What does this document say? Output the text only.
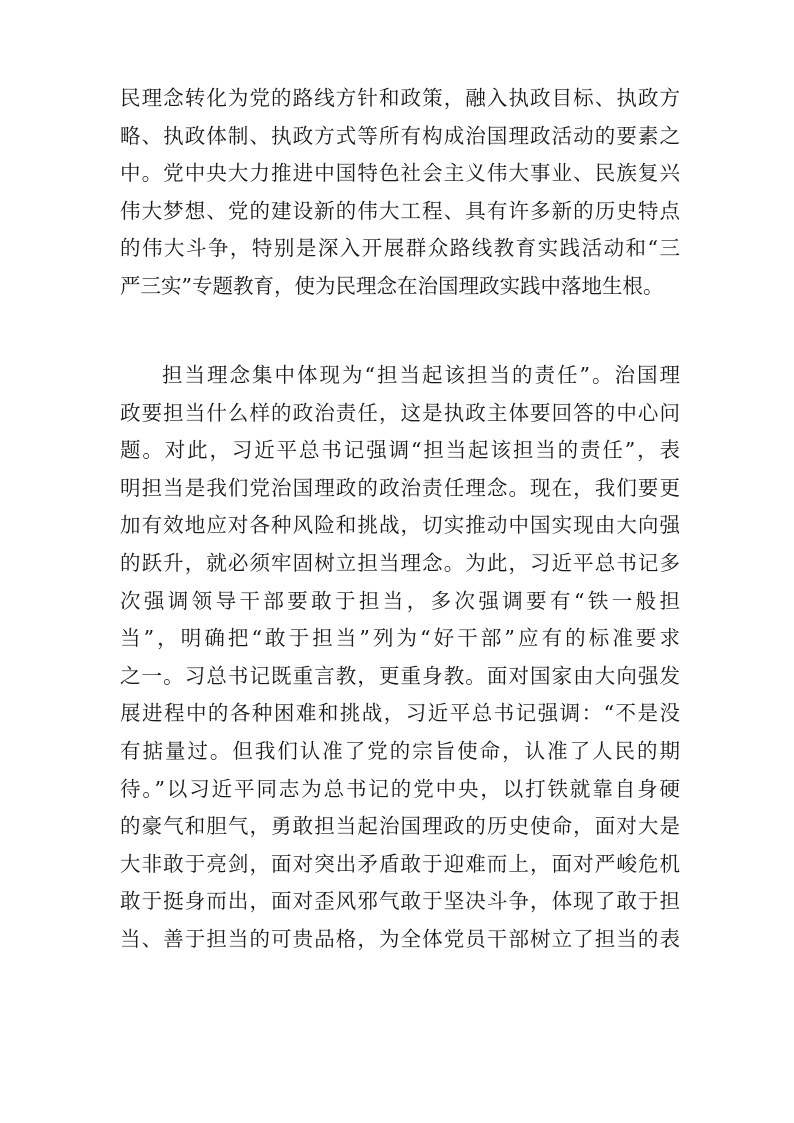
民理念转化为党的路线方针和政策，融入执政目标、执政方
略、执政体制、执政方式等所有构成治国理政活动的要素之
中。党中央大力推进中国特色社会主义伟大事业、民族复兴
伟大梦想、党的建设新的伟大工程、具有许多新的历史特点
的伟大斗争，特别是深入开展群众路线教育实践活动和“三
严三实”专题教育，使为民理念在治国理政实践中落地生根。
担当理念集中体现为“担当起该担当的责任”。治国理
政要担当什么样的政治责任，这是执政主体要回答的中心问
题。对此，习近平总书记强调“担当起该担当的责任”，表
明担当是我们党治国理政的政治责任理念。现在，我们要更
加有效地应对各种风险和挑战，切实推动中国实现由大向强
的跃升，就必须牢固树立担当理念。为此，习近平总书记多
次强调领导干部要敢于担当，多次强调要有“铁一般担
当”，明确把“敢于担当”列为“好干部”应有的标准要求
之一。习总书记既重言教，更重身教。面对国家由大向强发
展进程中的各种困难和挑战，习近平总书记强调：“不是没
有掂量过。但我们认准了党的宗旨使命，认准了人民的期
待。”以习近平同志为总书记的党中央，以打铁就靠自身硬
的豪气和胆气，勇敢担当起治国理政的历史使命，面对大是
大非敢于亮剑，面对突出矛盾敢于迎难而上，面对严峻危机
敢于挺身而出，面对歪风邪气敢于坚决斗争，体现了敢于担
当、善于担当的可贵品格，为全体党员干部树立了担当的表
